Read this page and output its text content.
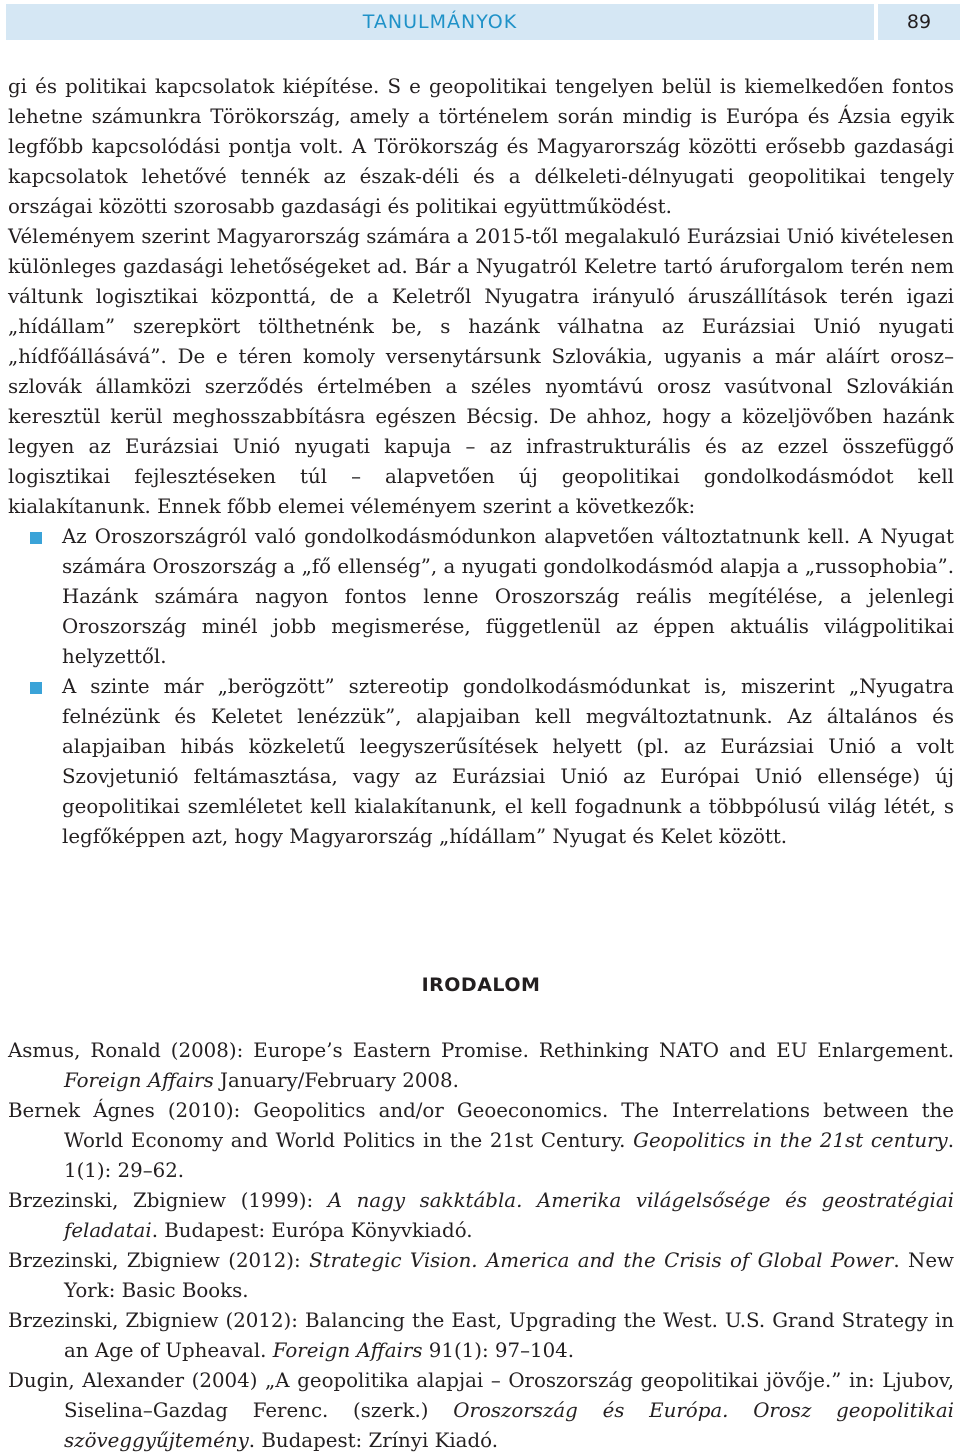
TANULMÁNYOK	89

gi és politikai kapcsolatok kiépítése. S e geopolitikai tengelyen belül is kiemelkedően fontos lehetne számunkra Törökország, amely a történelem során mindig is Európa és Ázsia egyik legfőbb kapcsolódási pontja volt. A Törökország és Magyarország közötti erősebb gazdasági kapcsolatok lehetővé tennék az észak-déli és a délkeleti-délnyugati geopolitikai tengely országai közötti szorosabb gazdasági és politikai együttműködést.

Véleményem szerint Magyarország számára a 2015-től megalakuló Eurázsiai Unió kivételesen különleges gazdasági lehetőségeket ad. Bár a Nyugatról Keletre tartó áruforgalom terén nem váltunk logisztikai központtá, de a Keletről Nyugatra irányuló áruszállítások terén igazi „hídállam” szerepkört tölthetnénk be, s hazánk válhatna az Eurázsiai Unió nyugati „hídfőállásává”. De e téren komoly versenytársunk Szlovákia, ugyanis a már aláírt orosz–szlovák államközi szerződés értelmében a széles nyomtávú orosz vasútvonal Szlovákián keresztül kerül meghosszabbításra egészen Bécsig. De ahhoz, hogy a közeljövőben hazánk legyen az Eurázsiai Unió nyugati kapuja – az infrastrukturális és az ezzel összefüggő logisztikai fejlesztéseken túl – alapvetően új geopolitikai gondolkodásmódot kell kialakítanunk. Ennek főbb elemei véleményem szerint a következők:

Az Oroszországról való gondolkodásmódunkon alapvetően változtatnunk kell. A Nyugat számára Oroszország a „fő ellenség”, a nyugati gondolkodásmód alapja a „russophobia”. Hazánk számára nagyon fontos lenne Oroszország reális megítélése, a jelenlegi Oroszország minél jobb megismerése, függetlenül az éppen aktuális világpolitikai helyzettől.
A szinte már „berögzött” sztereotip gondolkodásmódunkat is, miszerint „Nyugatra felnézünk és Keletet lenézzük”, alapjaiban kell megváltoztatnunk. Az általános és alapjaiban hibás közkeletű leegyszerűsítések helyett (pl. az Eurázsiai Unió a volt Szovjetunió feltámasztása, vagy az Eurázsiai Unió az Európai Unió ellensége) új geopolitikai szemléletet kell kialakítanunk, el kell fogadnunk a többpólusú világ létét, s legfőképpen azt, hogy Magyarország „hídállam” Nyugat és Kelet között.
IRODALOM
Asmus, Ronald (2008): Europe’s Eastern Promise. Rethinking NATO and EU Enlargement. Foreign Affairs January/February 2008.
Bernek Ágnes (2010): Geopolitics and/or Geoeconomics. The Interrelations between the World Economy and World Politics in the 21st Century. Geopolitics in the 21st century. 1(1): 29–62.
Brzezinski, Zbigniew (1999): A nagy sakktábla. Amerika világelsősége és geostratégiai feladatai. Budapest: Európa Könyvkiadó.
Brzezinski, Zbigniew (2012): Strategic Vision. America and the Crisis of Global Power. New York: Basic Books.
Brzezinski, Zbigniew (2012): Balancing the East, Upgrading the West. U.S. Grand Strategy in an Age of Upheaval. Foreign Affairs 91(1): 97–104.
Dugin, Alexander (2004) „A geopolitika alapjai – Oroszország geopolitikai jövője.” in: Ljubov, Siselina–Gazdag Ferenc. (szerk.) Oroszország és Európa. Orosz geopolitikai szöveggyűjtemény. Budapest: Zrínyi Kiadó.
